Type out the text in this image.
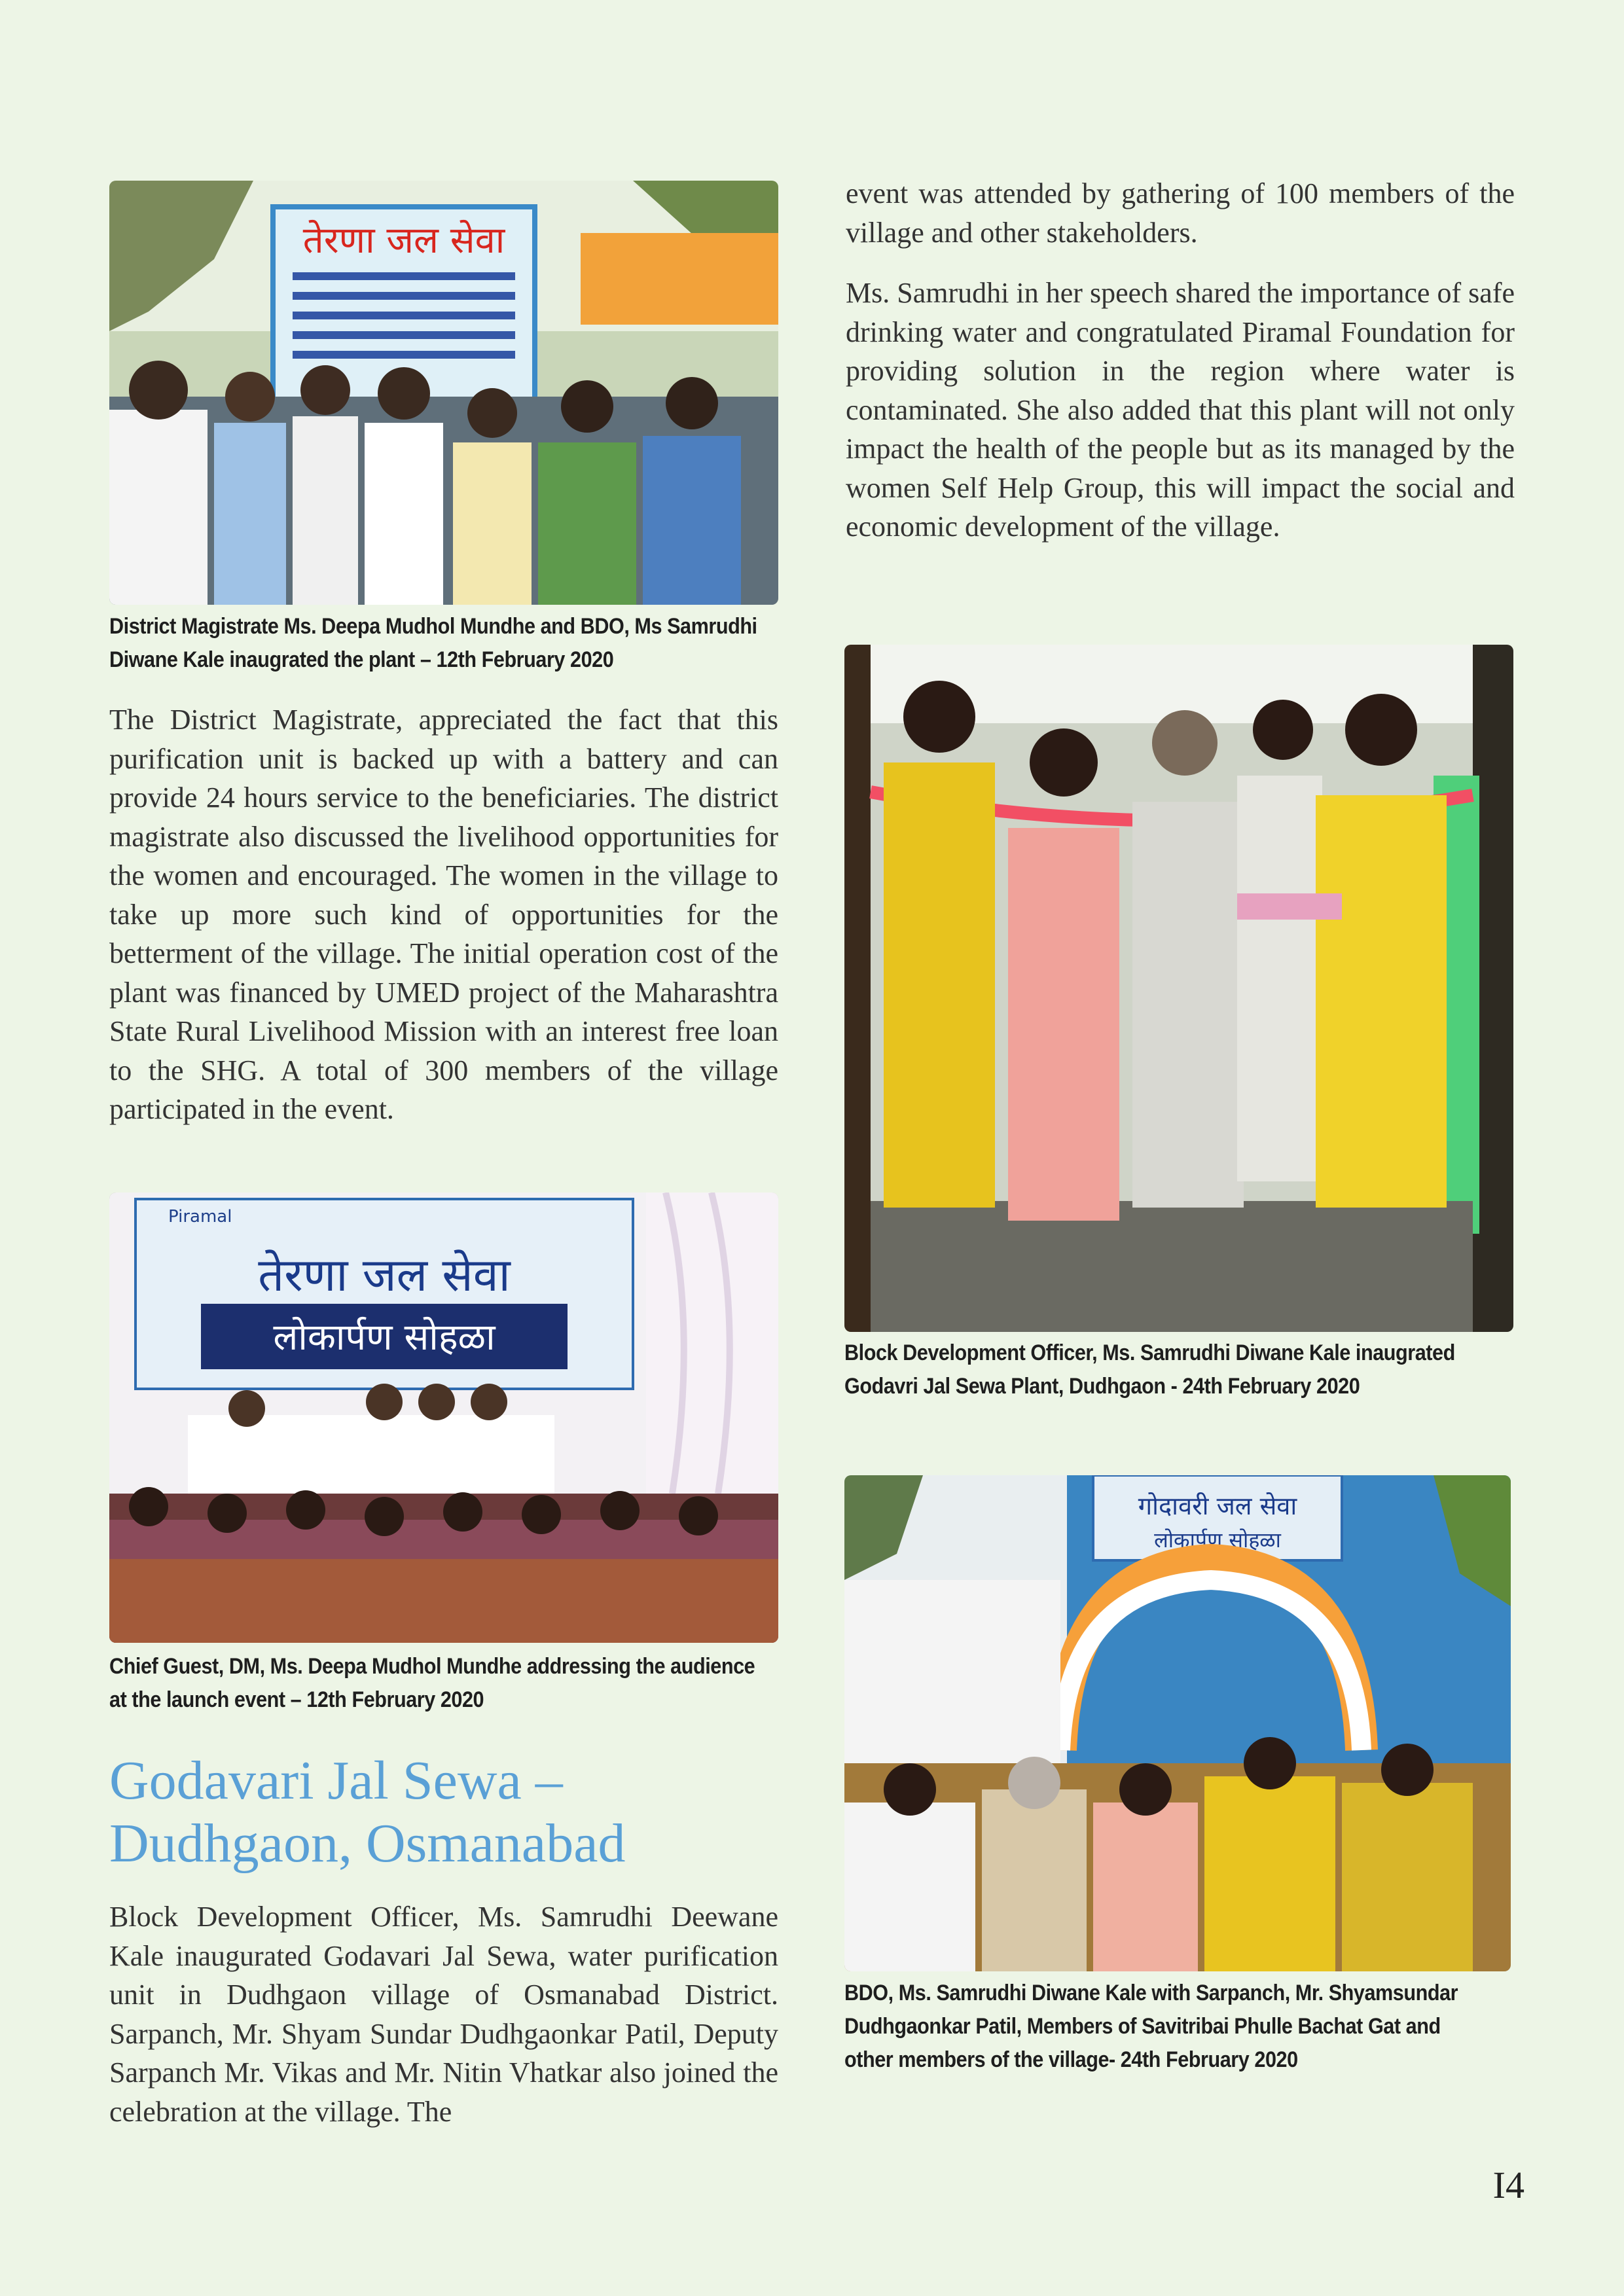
तेरणा जल सेवा
District Magistrate Ms. Deepa Mudhol Mundhe and BDO, Ms Samrudhi Diwane Kale inaugrated the plant – 12th February 2020

The District Magistrate, appreciated the fact that this purification unit is backed up with a battery and can provide 24 hours service to the beneficiaries. The district magistrate also discussed the livelihood opportunities for the women and encouraged. The women in the village to take up more such kind of opportunities for the betterment of the village. The initial operation cost of the plant was financed by UMED project of the Maharashtra State Rural Livelihood Mission with an interest free loan to the SHG. A total of 300 members of the village participated in the event.

Piramal
तेरणा जल सेवा
लोकार्पण सोहळा
Chief Guest, DM, Ms. Deepa Mudhol Mundhe addressing the audience at the launch event – 12th February 2020
Godavari Jal Sewa – Dudhgaon, Osmanabad

Block Development Officer, Ms. Samrudhi Deewane Kale inaugurated Godavari Jal Sewa, water purification unit in Dudhgaon village of Osmanabad District. Sarpanch, Mr. Shyam Sundar Dudhgaonkar Patil, Deputy Sarpanch Mr. Vikas and Mr. Nitin Vhatkar also joined the celebration at the village. The

event was attended by gathering of 100 members of the village and other stakeholders.

Ms. Samrudhi in her speech shared the importance of safe drinking water and congratulated Piramal Foundation for providing solution in the region where water is contaminated. She also added that this plant will not only impact the health of the people but as its managed by the women Self Help Group, this will impact the social and economic development of the village.

Block Development Officer, Ms. Samrudhi Diwane Kale inaugrated Godavri Jal Sewa Plant, Dudhgaon - 24th February 2020
गोदावरी जल सेवा
लोकार्पण सोहळा
BDO, Ms. Samrudhi Diwane Kale with Sarpanch, Mr. Shyamsundar Dudhgaonkar Patil, Members of Savitribai Phulle Bachat Gat and other members of the village- 24th February 2020
I4
